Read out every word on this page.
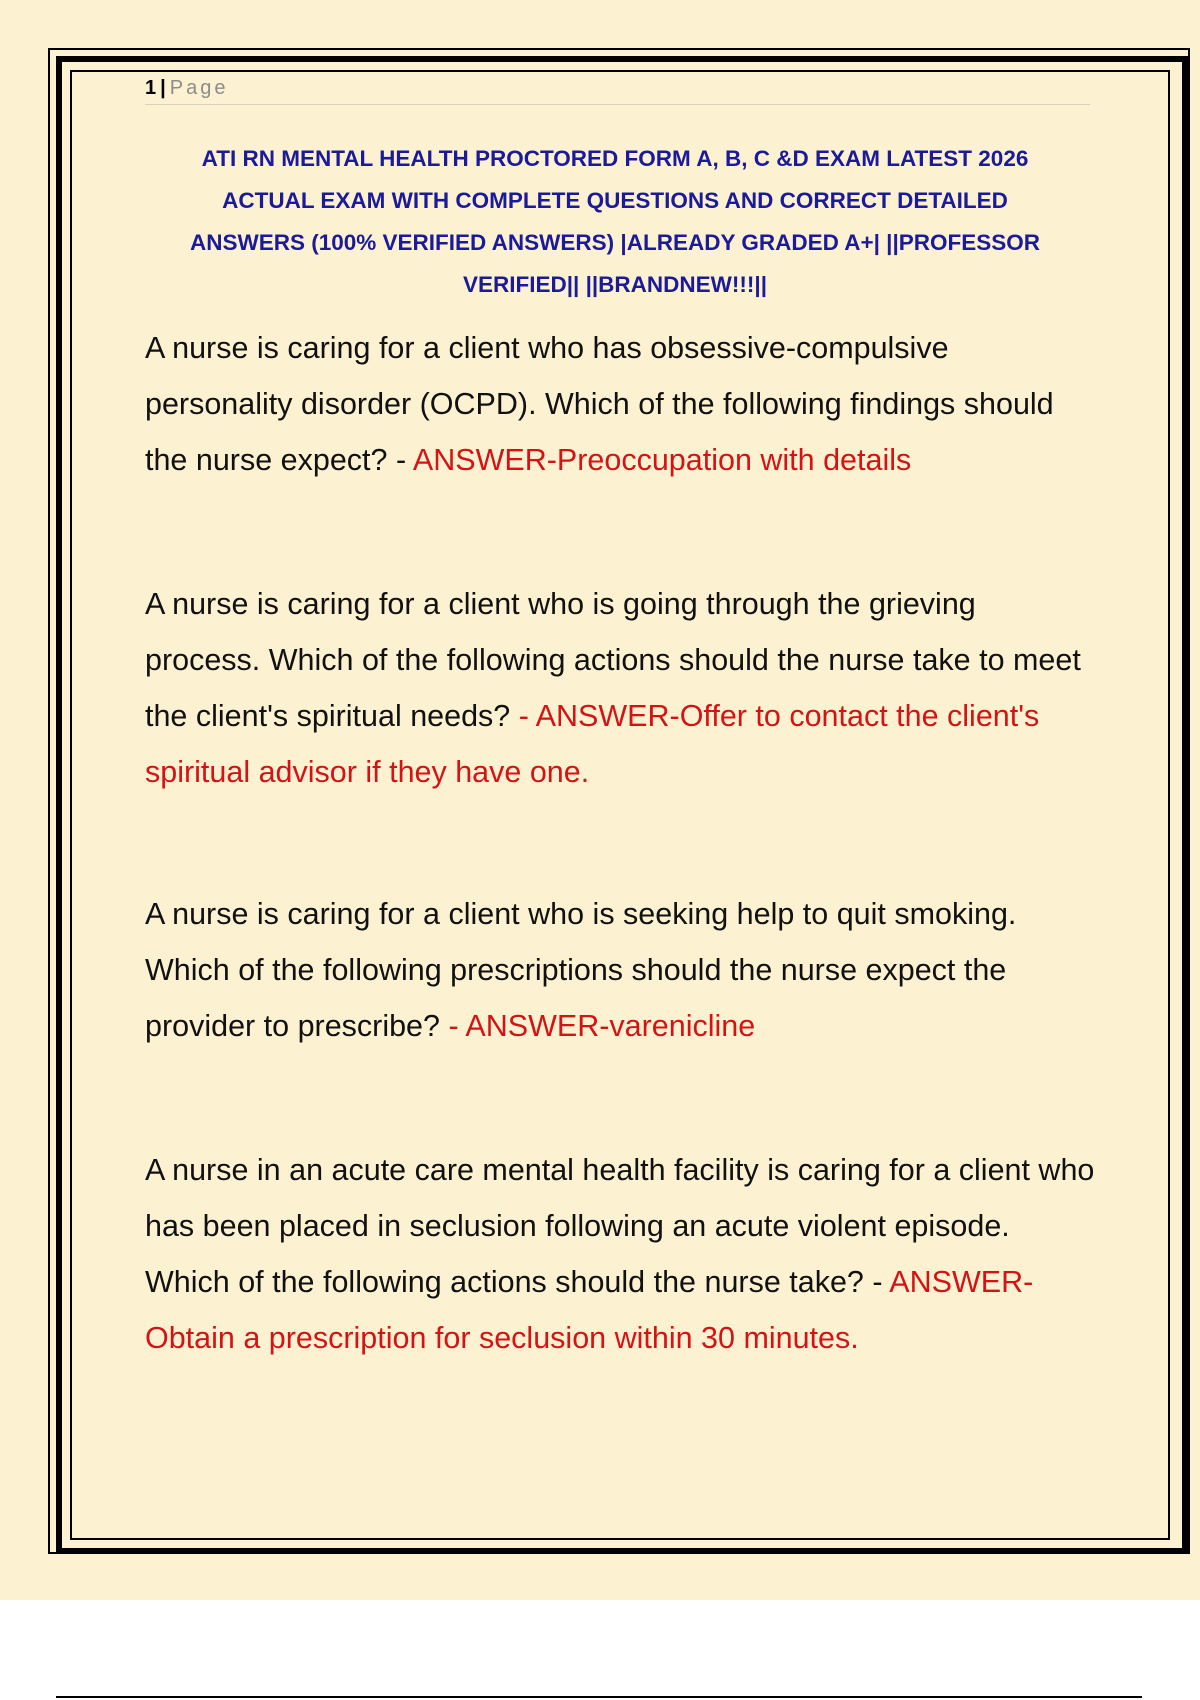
1 | Page
ATI RN MENTAL HEALTH PROCTORED FORM A, B, C &D EXAM LATEST 2026
ACTUAL EXAM WITH COMPLETE QUESTIONS AND CORRECT DETAILED
ANSWERS (100% VERIFIED ANSWERS) |ALREADY GRADED A+| ||PROFESSOR
VERIFIED|| ||BRANDNEW!!!||

A nurse is caring for a client who has obsessive-compulsive personality disorder (OCPD). Which of the following findings should the nurse expect? - ANSWER-Preoccupation with details

A nurse is caring for a client who is going through the grieving process. Which of the following actions should the nurse take to meet the client's spiritual needs? - ANSWER-Offer to contact the client's spiritual advisor if they have one.

A nurse is caring for a client who is seeking help to quit smoking. Which of the following prescriptions should the nurse expect the provider to prescribe? - ANSWER-varenicline

A nurse in an acute care mental health facility is caring for a client who has been placed in seclusion following an acute violent episode. Which of the following actions should the nurse take? - ANSWER-Obtain a prescription for seclusion within 30 minutes.
